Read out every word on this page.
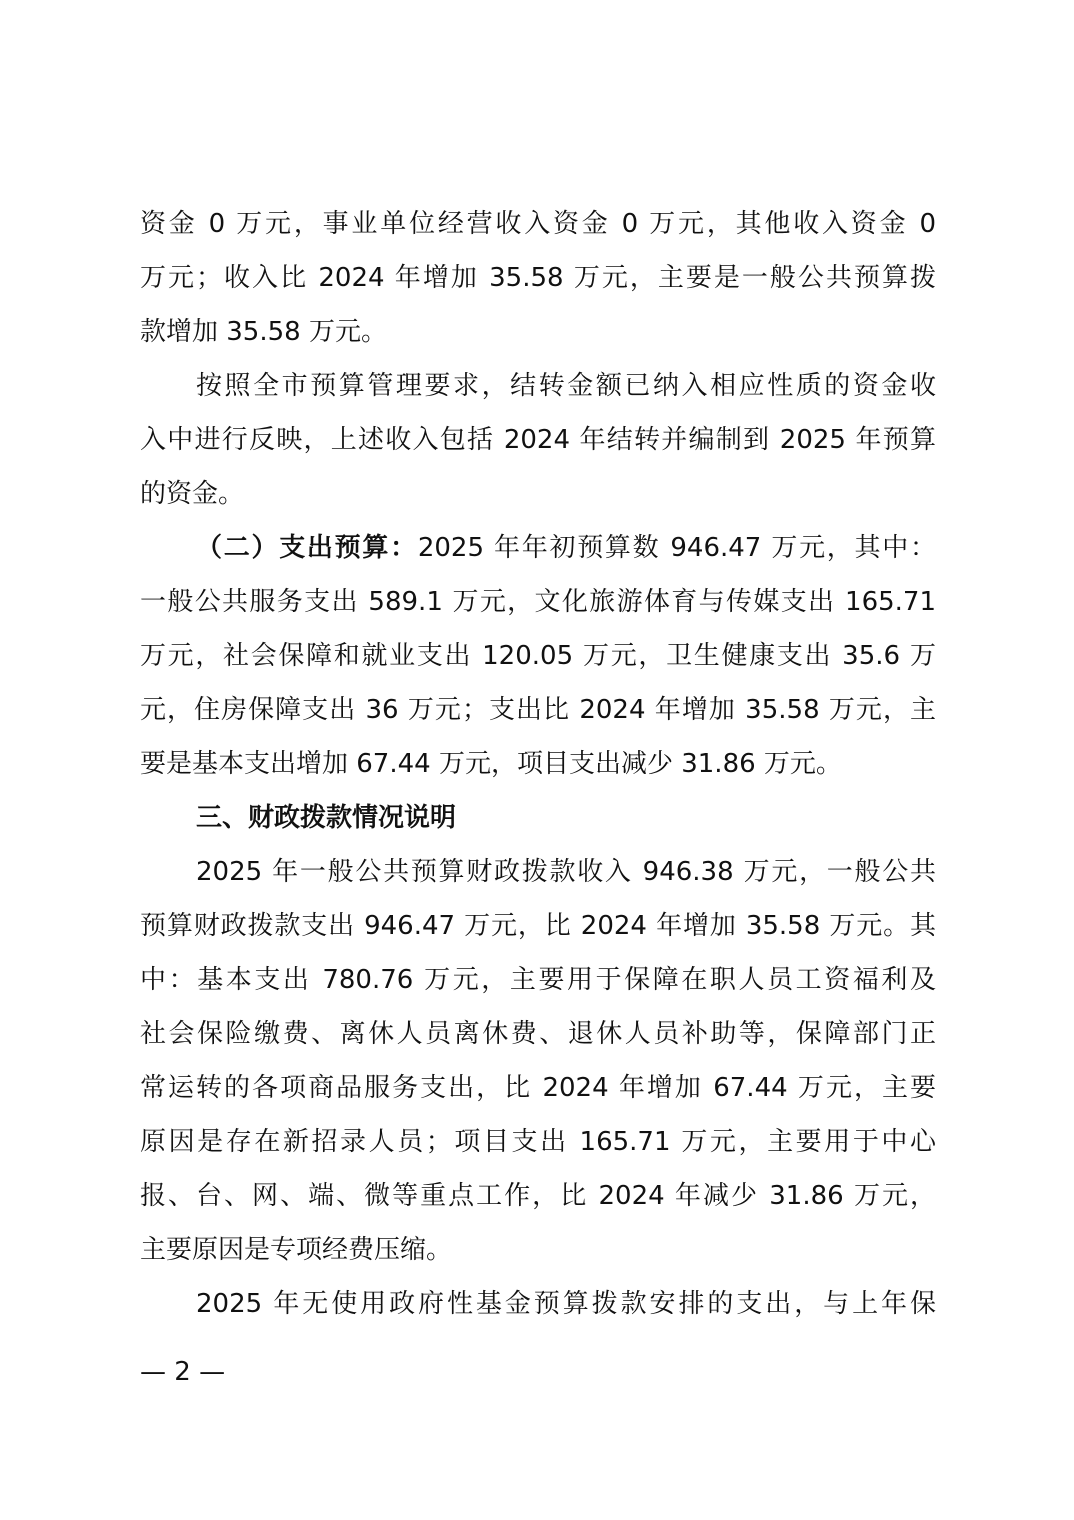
资金 0 万元，事业单位经营收入资金 0 万元，其他收入资金 0
万元；收入比 2024 年增加 35.58 万元，主要是一般公共预算拨
款增加 35.58 万元。
按照全市预算管理要求，结转金额已纳入相应性质的资金收
入中进行反映，上述收入包括 2024 年结转并编制到 2025 年预算
的资金。
（二）支出预算：2025 年年初预算数 946.47 万元，其中：
一般公共服务支出 589.1 万元，文化旅游体育与传媒支出 165.71
万元，社会保障和就业支出 120.05 万元，卫生健康支出 35.6 万
元，住房保障支出 36 万元；支出比 2024 年增加 35.58 万元，主
要是基本支出增加 67.44 万元，项目支出减少 31.86 万元。
三、财政拨款情况说明
2025 年一般公共预算财政拨款收入 946.38 万元，一般公共
预算财政拨款支出 946.47 万元，比 2024 年增加 35.58 万元。其
中：基本支出 780.76 万元，主要用于保障在职人员工资福利及
社会保险缴费、离休人员离休费、退休人员补助等，保障部门正
常运转的各项商品服务支出，比 2024 年增加 67.44 万元，主要
原因是存在新招录人员；项目支出 165.71 万元，主要用于中心
报、台、网、端、微等重点工作，比 2024 年减少 31.86 万元，
主要原因是专项经费压缩。
2025 年无使用政府性基金预算拨款安排的支出，与上年保
— 2 —
